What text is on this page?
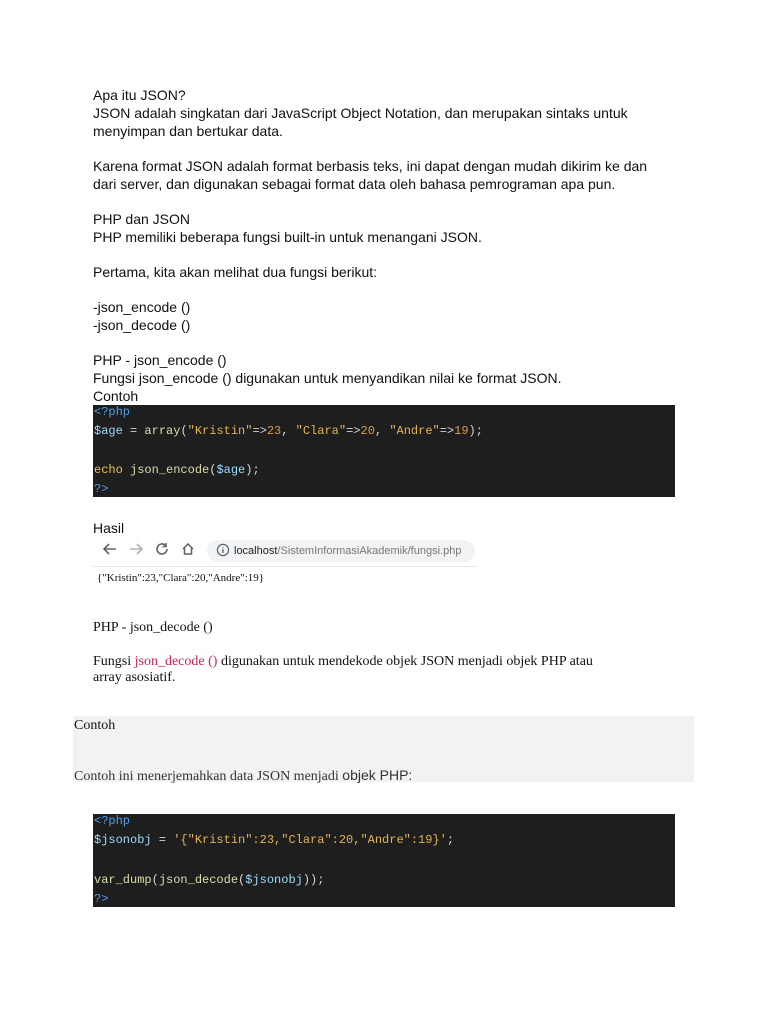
Apa itu JSON?

JSON adalah singkatan dari JavaScript Object Notation, dan merupakan sintaks untuk

menyimpan dan bertukar data.

Karena format JSON adalah format berbasis teks, ini dapat dengan mudah dikirim ke dan

dari server, dan digunakan sebagai format data oleh bahasa pemrograman apa pun.

PHP dan JSON

PHP memiliki beberapa fungsi built-in untuk menangani JSON.

Pertama, kita akan melihat dua fungsi berikut:

-json_encode ()

-json_decode ()

PHP - json_encode ()

Fungsi json_encode () digunakan untuk menyandikan nilai ke format JSON.

Contoh

<?php
$age = array("Kristin"=>23, "Clara"=>20, "Andre"=>19);
echo json_encode($age);
?>

Hasil

localhost/SistemInformasiAkademik/fungsi.php
{"Kristin":23,"Clara":20,"Andre":19}

PHP - json_decode ()

Fungsi json_decode () digunakan untuk mendekode objek JSON menjadi objek PHP atau

array asosiatif.

Contoh
Contoh ini menerjemahkan data JSON menjadi objek PHP:
<?php
$jsonobj = '{"Kristin":23,"Clara":20,"Andre":19}';
var_dump(json_decode($jsonobj));
?>
